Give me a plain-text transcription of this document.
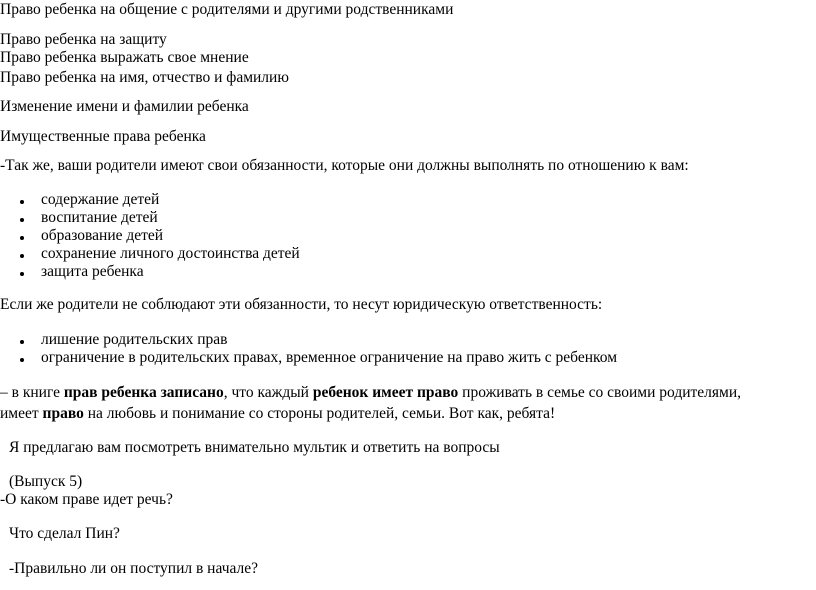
Право ребенка на общение с родителями и другими родственниками
Право ребенка на защиту
Право ребенка выражать свое мнение
Право ребенка на имя, отчество и фамилию
Изменение имени и фамилии ребенка
Имущественные права ребенка
-Так же, ваши родители имеют свои обязанности, которые они должны выполнять по отношению к вам:
содержание детей
воспитание детей
образование детей
сохранение личного достоинства детей
защита ребенка
Если же родители не соблюдают эти обязанности, то несут юридическую ответственность:
лишение родительских прав
ограничение в родительских правах, временное ограничение на право жить с ребенком
– в книге прав ребенка записано, что каждый ребенок имеет право проживать в семье со своими родителями,
имеет право на любовь и понимание со стороны родителей, семьи. Вот как, ребята!
Я предлагаю вам посмотреть внимательно мультик и ответить на вопросы
(Выпуск 5)
-О каком праве идет речь?
Что сделал Пин?
-Правильно ли он поступил в начале?
